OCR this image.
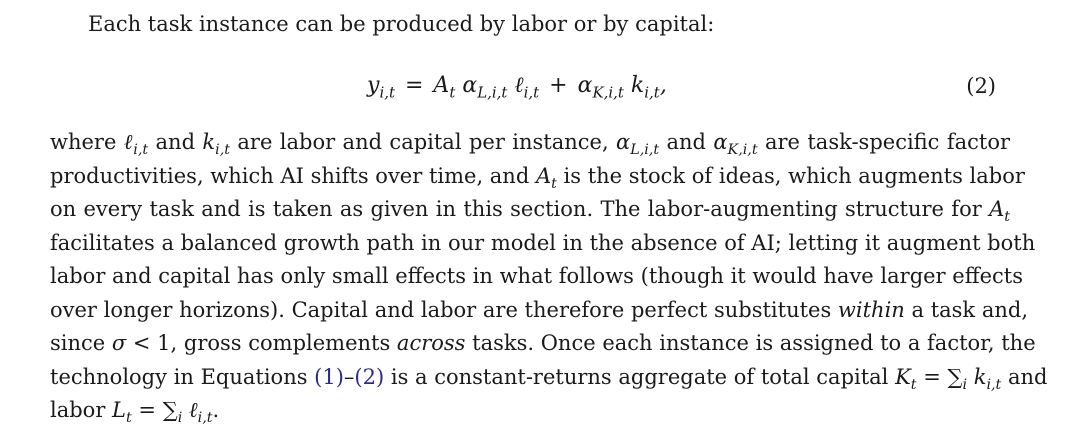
Each task instance can be produced by labor or by capital:
$y_{i,t} = A_t$ $\alpha_{L,i,t}$ ℓ$_{i,t}$ + $\alpha_{K,i,t}$ $k_{i,t}$,	(2)
where ℓ$_{i,t}$ and $k_{i,t}$ are labor and capital per instance, $\alpha_{L,i,t}$ and $\alpha_{K,i,t}$ are task-specific factor
productivities, which AI shifts over time, and $A_t$ is the stock of ideas, which augments labor
on every task and is taken as given in this section. The labor-augmenting structure for $A_t$
facilitates a balanced growth path in our model in the absence of AI; letting it augment both
labor and capital has only small effects in what follows (though it would have larger effects
over longer horizons). Capital and labor are therefore perfect substitutes within a task and,
since σ < 1, gross complements across tasks. Once each instance is assigned to a factor, the
technology in Equations (1)–(2) is a constant-returns aggregate of total capital $K_t = \sum_i$ $k_{i,t}$ and
labor $L_t = \sum_i$ ℓ$_{i,t}$.
